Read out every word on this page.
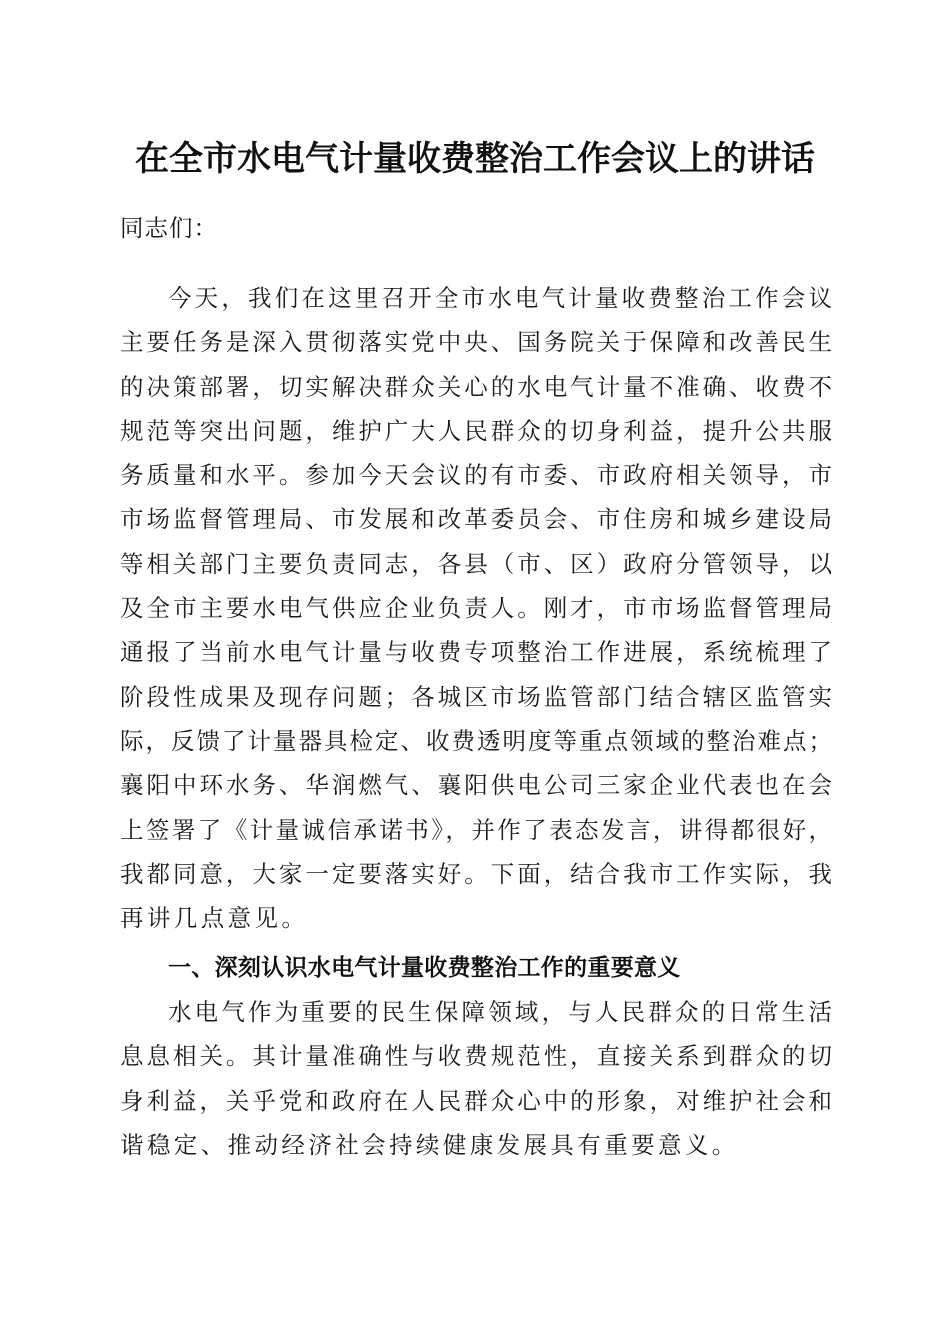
在全市水电气计量收费整治工作会议上的讲话
同志们：
今天，我们在这里召开全市水电气计量收费整治工作会议
主要任务是深入贯彻落实党中央、国务院关于保障和改善民生
的决策部署，切实解决群众关心的水电气计量不准确、收费不
规范等突出问题，维护广大人民群众的切身利益，提升公共服
务质量和水平。参加今天会议的有市委、市政府相关领导，市
市场监督管理局、市发展和改革委员会、市住房和城乡建设局
等相关部门主要负责同志，各县（市、区）政府分管领导，以
及全市主要水电气供应企业负责人。刚才，市市场监督管理局
通报了当前水电气计量与收费专项整治工作进展，系统梳理了
阶段性成果及现存问题；各城区市场监管部门结合辖区监管实
际，反馈了计量器具检定、收费透明度等重点领域的整治难点；
襄阳中环水务、华润燃气、襄阳供电公司三家企业代表也在会
上签署了《计量诚信承诺书》，并作了表态发言，讲得都很好，
我都同意，大家一定要落实好。下面，结合我市工作实际，我
再讲几点意见。
一、深刻认识水电气计量收费整治工作的重要意义
水电气作为重要的民生保障领域，与人民群众的日常生活
息息相关。其计量准确性与收费规范性，直接关系到群众的切
身利益，关乎党和政府在人民群众心中的形象，对维护社会和
谐稳定、推动经济社会持续健康发展具有重要意义。
